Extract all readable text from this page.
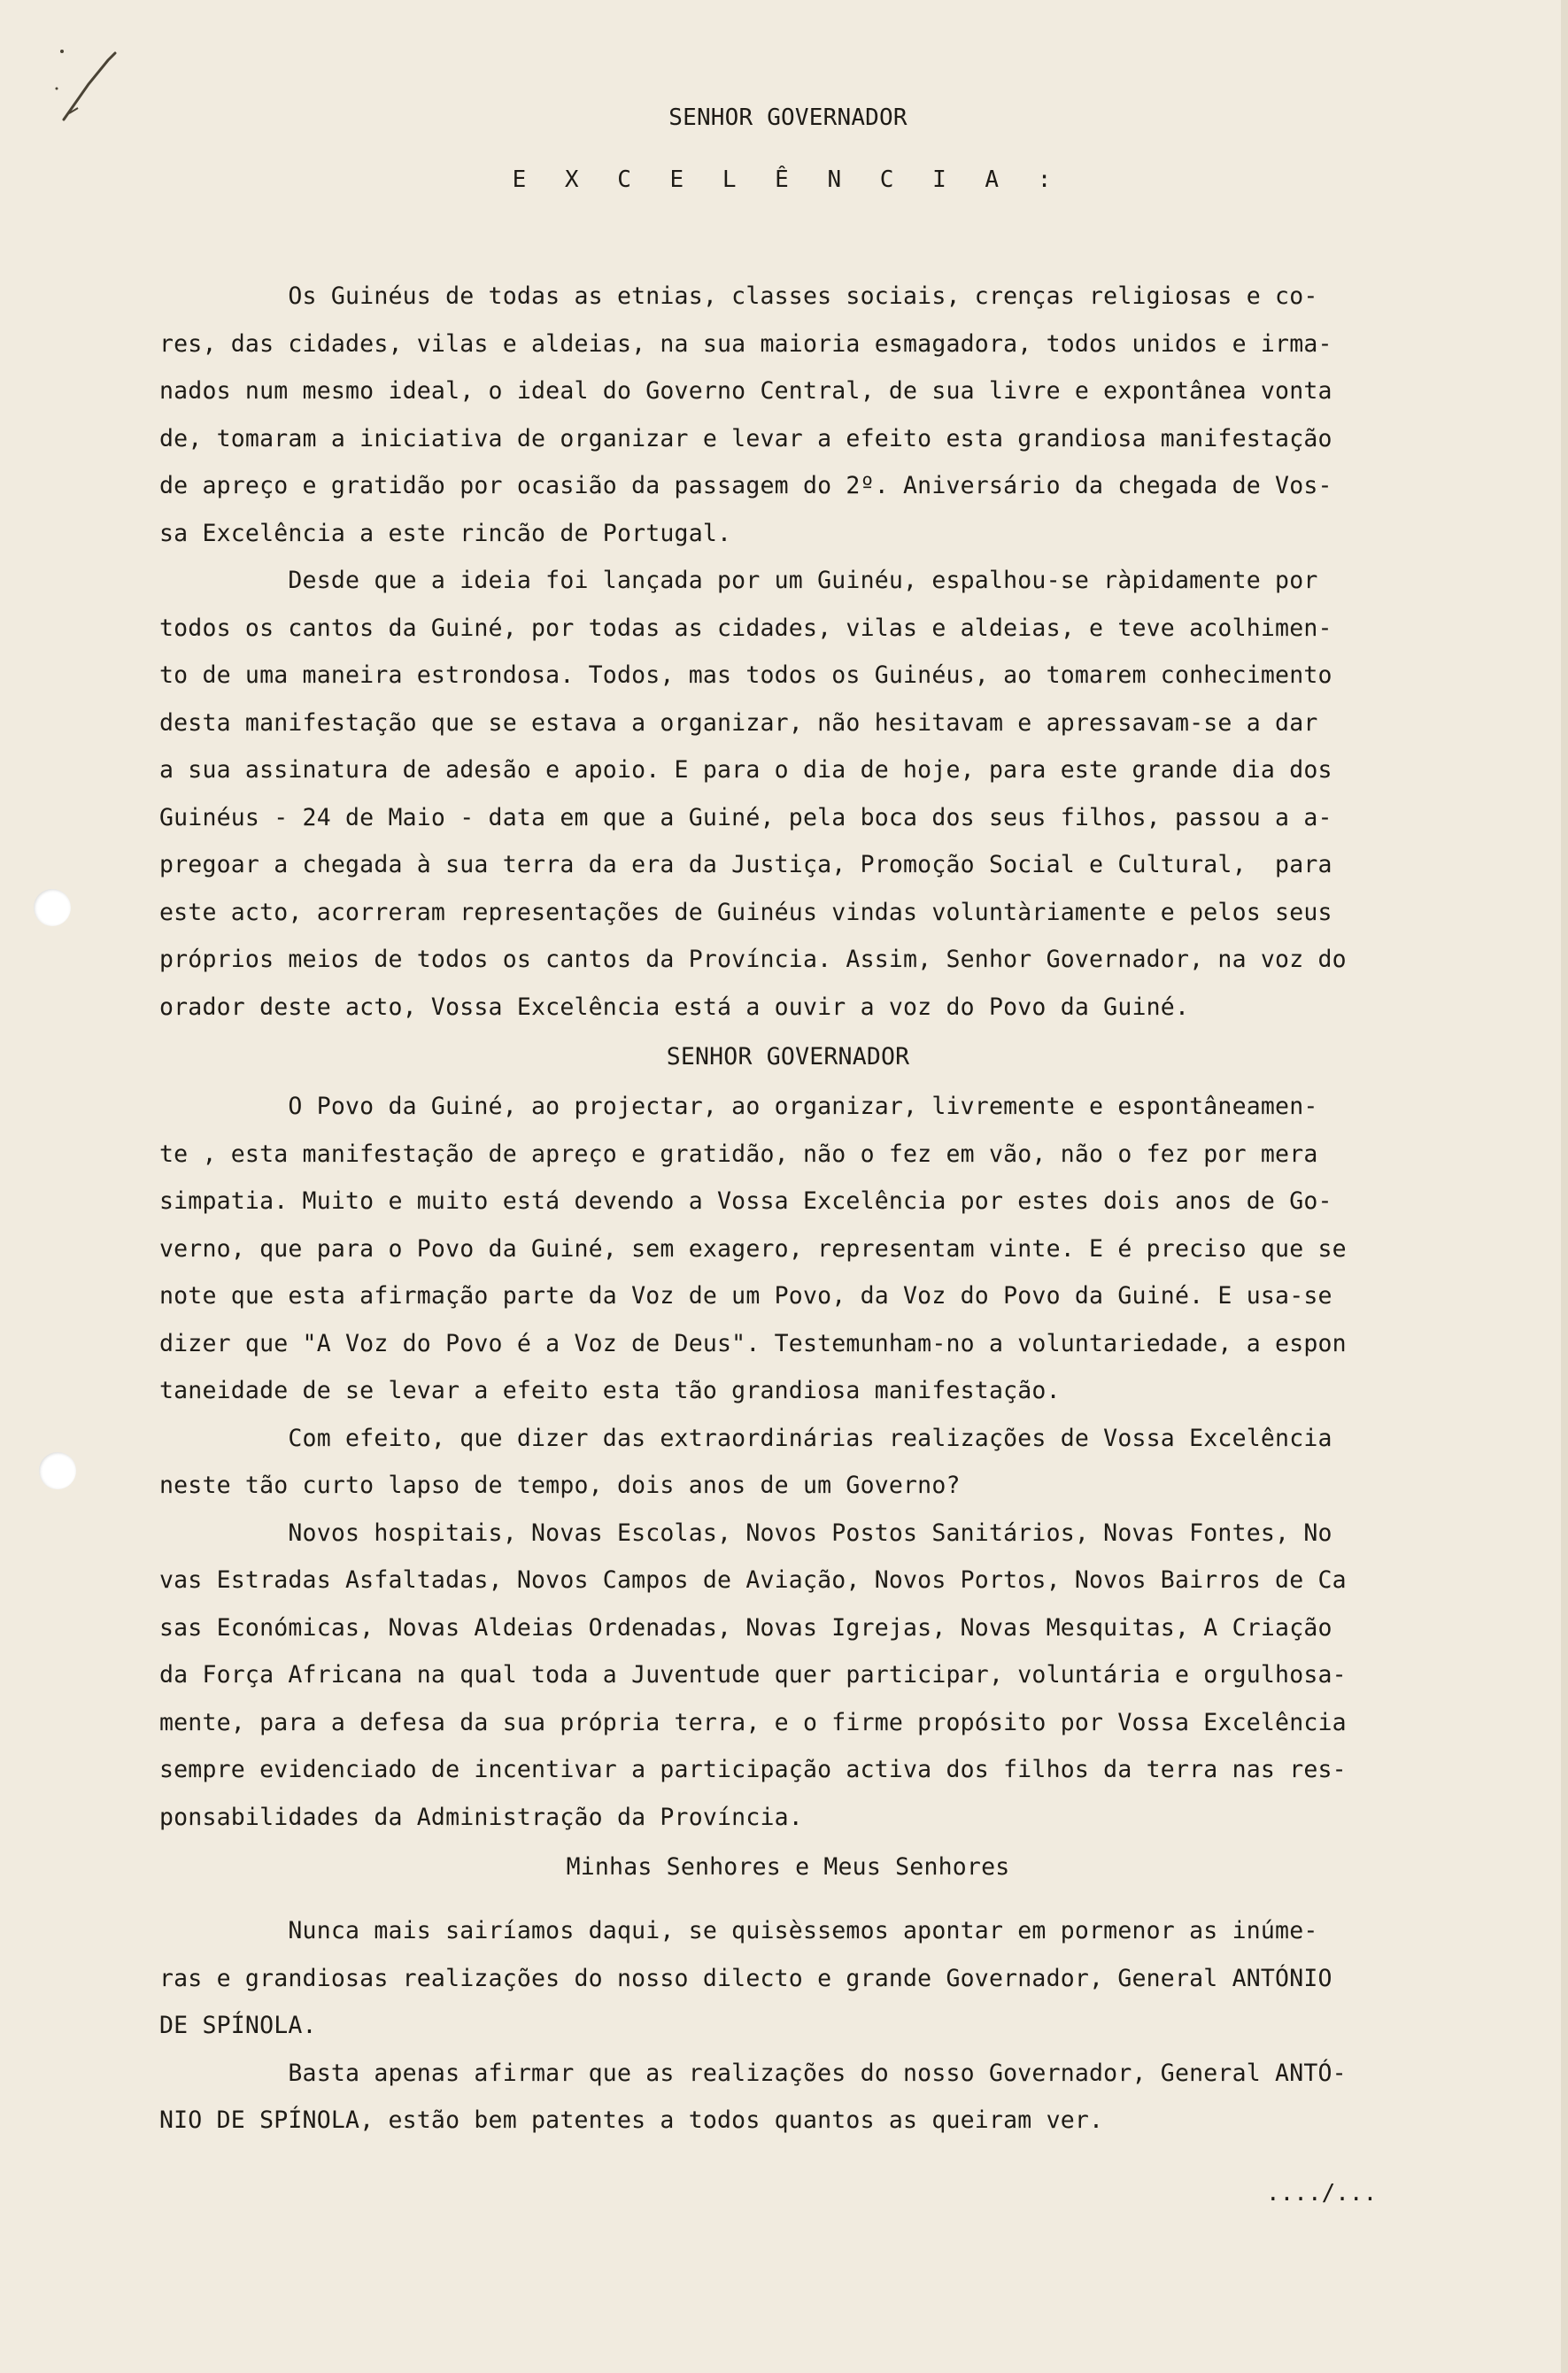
SENHOR GOVERNADOR
E X C E L Ê N C I A :

Os Guinéus de todas as etnias, classes sociais, crenças religiosas e co-

res, das cidades, vilas e aldeias, na sua maioria esmagadora, todos unidos e irma-

nados num mesmo ideal, o ideal do Governo Central, de sua livre e expontânea vonta

de, tomaram a iniciativa de organizar e levar a efeito esta grandiosa manifestação

de apreço e gratidão por ocasião da passagem do 2º. Aniversário da chegada de Vos-

sa Excelência a este rincão de Portugal.

Desde que a ideia foi lançada por um Guinéu, espalhou-se ràpidamente por

todos os cantos da Guiné, por todas as cidades, vilas e aldeias, e teve acolhimen-

to de uma maneira estrondosa. Todos, mas todos os Guinéus, ao tomarem conhecimento

desta manifestação que se estava a organizar, não hesitavam e apressavam-se a dar

a sua assinatura de adesão e apoio. E para o dia de hoje, para este grande dia dos

Guinéus - 24 de Maio - data em que a Guiné, pela boca dos seus filhos, passou a a-

pregoar a chegada à sua terra da era da Justiça, Promoção Social e Cultural,  para

este acto, acorreram representações de Guinéus vindas voluntàriamente e pelos seus

próprios meios de todos os cantos da Província. Assim, Senhor Governador, na voz do

orador deste acto, Vossa Excelência está a ouvir a voz do Povo da Guiné.

SENHOR GOVERNADOR

O Povo da Guiné, ao projectar, ao organizar, livremente e espontâneamen-

te , esta manifestação de apreço e gratidão, não o fez em vão, não o fez por mera

simpatia. Muito e muito está devendo a Vossa Excelência por estes dois anos de Go-

verno, que para o Povo da Guiné, sem exagero, representam vinte. E é preciso que se

note que esta afirmação parte da Voz de um Povo, da Voz do Povo da Guiné. E usa-se

dizer que "A Voz do Povo é a Voz de Deus". Testemunham-no a voluntariedade, a espon

taneidade de se levar a efeito esta tão grandiosa manifestação.

Com efeito, que dizer das extraordinárias realizações de Vossa Excelência

neste tão curto lapso de tempo, dois anos de um Governo?

Novos hospitais, Novas Escolas, Novos Postos Sanitários, Novas Fontes, No

vas Estradas Asfaltadas, Novos Campos de Aviação, Novos Portos, Novos Bairros de Ca

sas Económicas, Novas Aldeias Ordenadas, Novas Igrejas, Novas Mesquitas, A Criação

da Força Africana na qual toda a Juventude quer participar, voluntária e orgulhosa-

mente, para a defesa da sua própria terra, e o firme propósito por Vossa Excelência

sempre evidenciado de incentivar a participação activa dos filhos da terra nas res-

ponsabilidades da Administração da Província.

Minhas Senhores e Meus Senhores

Nunca mais sairíamos daqui, se quisèssemos apontar em pormenor as inúme-

ras e grandiosas realizações do nosso dilecto e grande Governador, General ANTÓNIO

DE SPÍNOLA.

Basta apenas afirmar que as realizações do nosso Governador, General ANTÓ-

NIO DE SPÍNOLA, estão bem patentes a todos quantos as queiram ver.

..../...
